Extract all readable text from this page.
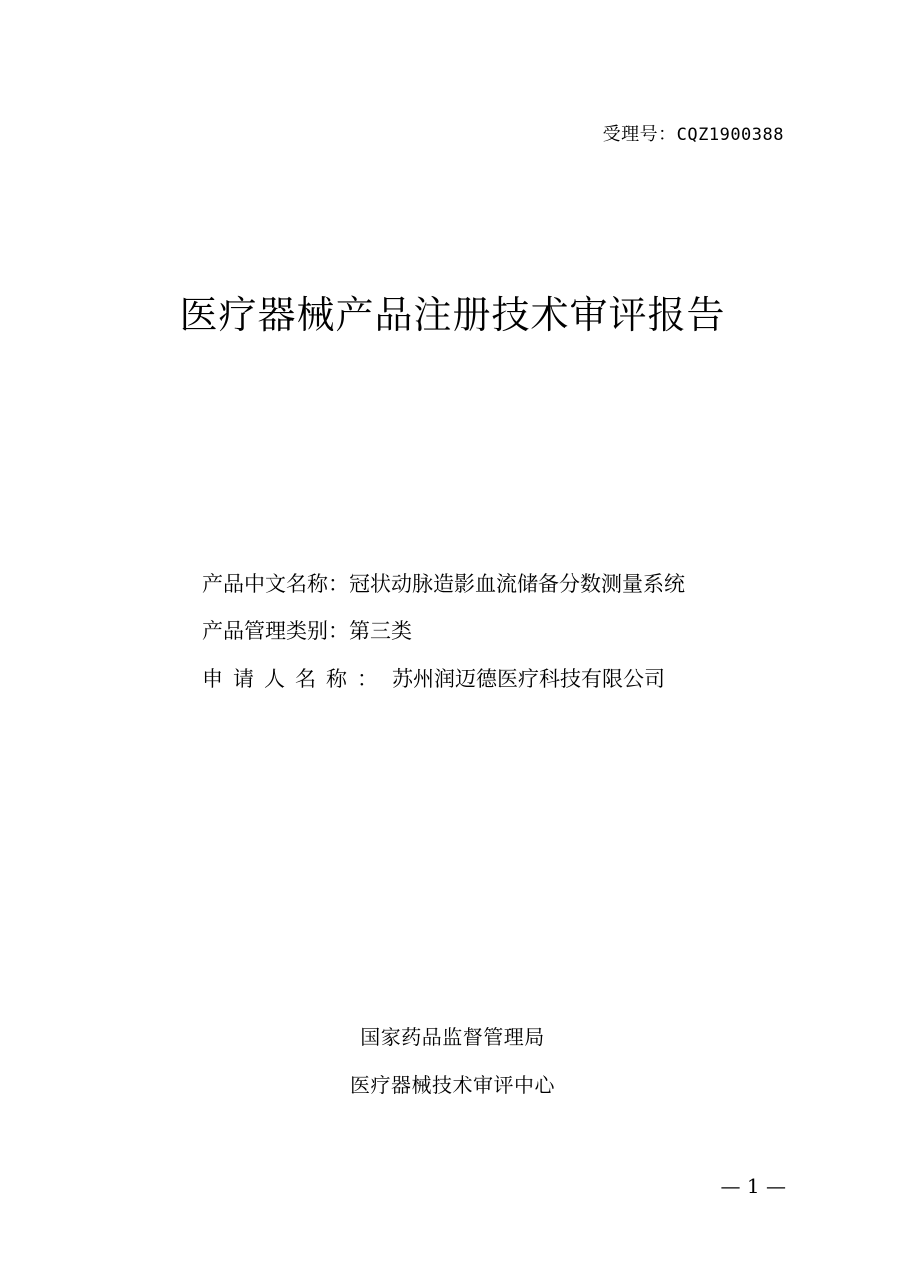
受理号：CQZ1900388
医疗器械产品注册技术审评报告
产品中文名称：冠状动脉造影血流储备分数测量系统
产品管理类别：第三类
申请人名称： 苏州润迈德医疗科技有限公司
国家药品监督管理局
医疗器械技术审评中心
— 1 —
